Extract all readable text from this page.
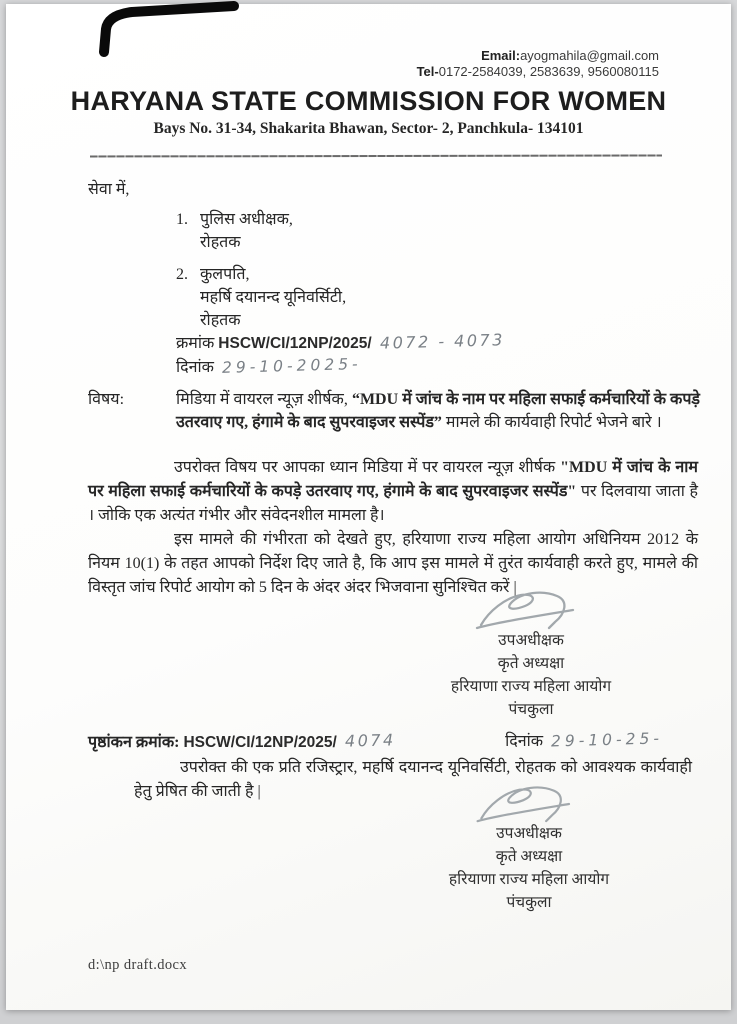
Email:ayogmahila@gmail.com
Tel-0172-2584039, 2583639, 9560080115
HARYANA STATE COMMISSION FOR WOMEN
Bays No. 31-34, Shakarita Bhawan, Sector- 2, Panchkula- 134101
सेवा में,
1. पुलिस अधीक्षक,
रोहतक
2. कुलपति,
महर्षि दयानन्द यूनिवर्सिटी,
रोहतक
क्रमांक HSCW/CI/12NP/2025/ 4072 - 4073
दिनांक 29-10-2025-
विषय:	मिडिया में वायरल न्यूज़ शीर्षक, “MDU में जांच के नाम पर महिला सफाई कर्मचारियों के कपड़े उतरवाए गए, हंगामे के बाद सुपरवाइजर सस्पेंड” मामले की कार्यवाही रिपोर्ट भेजने बारे ।
उपरोक्त विषय पर आपका ध्यान मिडिया में पर वायरल न्यूज़ शीर्षक "MDU में जांच के नाम पर महिला सफाई कर्मचारियों के कपड़े उतरवाए गए, हंगामे के बाद सुपरवाइजर सस्पेंड" पर दिलवाया जाता है । जोकि एक अत्यंत गंभीर और संवेदनशील मामला है।
इस मामले की गंभीरता को देखते हुए, हरियाणा राज्य महिला आयोग अधिनियम 2012 के नियम 10(1) के तहत आपको निर्देश दिए जाते है, कि आप इस मामले में तुरंत कार्यवाही करते हुए, मामले की विस्तृत जांच रिपोर्ट आयोग को 5 दिन के अंदर अंदर भिजवाना सुनिश्चित करें |
उपअधीक्षक
कृते अध्यक्षा
हरियाणा राज्य महिला आयोग
पंचकुला
पृष्ठांकन क्रमांक: HSCW/CI/12NP/2025/ 4074	दिनांक 29-10-25-
उपरोक्त की एक प्रति रजिस्ट्रार, महर्षि दयानन्द यूनिवर्सिटी, रोहतक को आवश्यक कार्यवाही हेतु प्रेषित की जाती है |
उपअधीक्षक
कृते अध्यक्षा
हरियाणा राज्य महिला आयोग
पंचकुला
d:\np draft.docx
